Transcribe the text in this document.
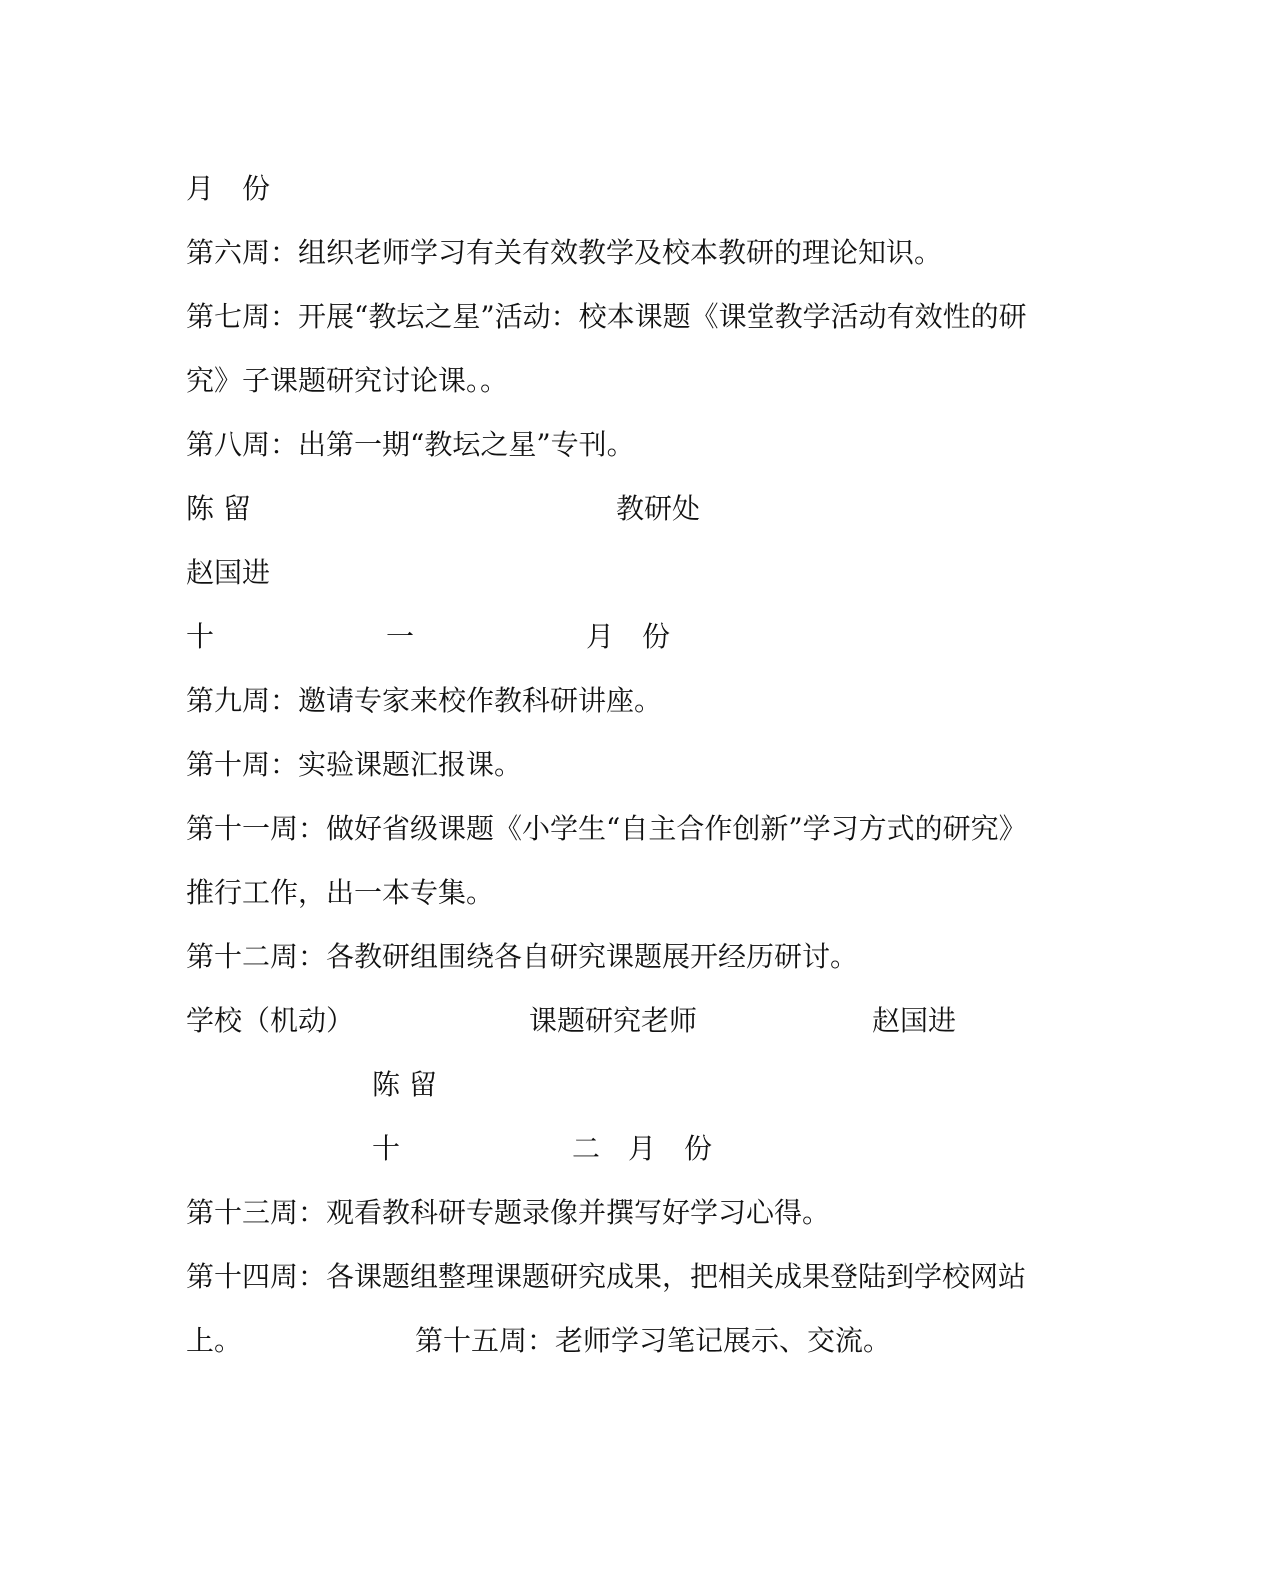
月　份
第六周：组织老师学习有关有效教学及校本教研的理论知识。
第七周：开展“教坛之星”活动：校本课题《课堂教学活动有效性的研
究》子课题研究讨论课。。
第八周：出第一期“教坛之星”专刊。
陈 留	教研处
赵国进
十	一	月　份
第九周：邀请专家来校作教科研讲座。
第十周：实验课题汇报课。
第十一周：做好省级课题《小学生“自主合作创新”学习方式的研究》
推行工作，出一本专集。
第十二周：各教研组围绕各自研究课题展开经历研讨。
学校（机动）	课题研究老师	赵国进
陈 留
十	二　月　份
第十三周：观看教科研专题录像并撰写好学习心得。
第十四周：各课题组整理课题研究成果，把相关成果登陆到学校网站
上。	第十五周：老师学习笔记展示、交流。
